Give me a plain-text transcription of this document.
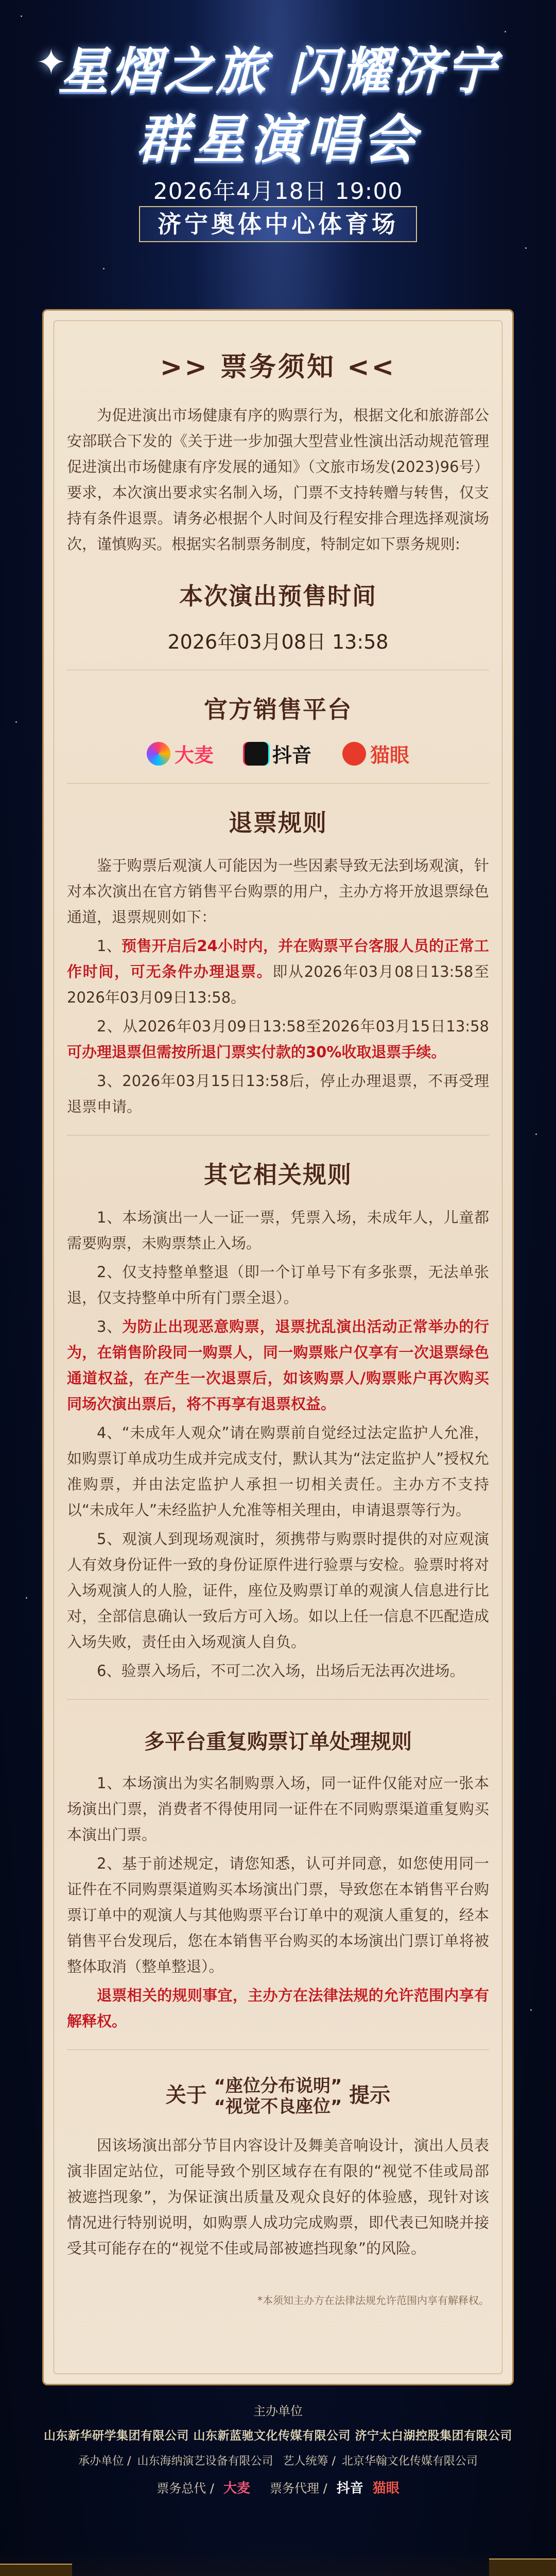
✦
星熠之旅 闪耀济宁
群星演唱会
2026年4月18日 19:00
济宁奥体中心体育场
>> 票务须知 <<
为促进演出市场健康有序的购票行为，根据文化和旅游部公安部联合下发的《关于进一步加强大型营业性演出活动规范管理促进演出市场健康有序发展的通知》（文旅市场发(2023)96号）要求，本次演出要求实名制入场，门票不支持转赠与转售，仅支持有条件退票。请务必根据个人时间及行程安排合理选择观演场次，谨慎购买。根据实名制票务制度，特制定如下票务规则:
本次演出预售时间
2026年03月08日 13:58
官方销售平台
大麦	抖音	猫眼
退票规则
鉴于购票后观演人可能因为一些因素导致无法到场观演，针对本次演出在官方销售平台购票的用户，主办方将开放退票绿色通道，退票规则如下：
1、预售开启后24小时内，并在购票平台客服人员的正常工作时间，可无条件办理退票。即从2026年03月08日13:58至2026年03月09日13:58。
2、从2026年03月09日13:58至2026年03月15日13:58可办理退票但需按所退门票实付款的30%收取退票手续。
3、2026年03月15日13:58后，停止办理退票，不再受理退票申请。
其它相关规则
1、本场演出一人一证一票，凭票入场，未成年人，儿童都需要购票，未购票禁止入场。
2、仅支持整单整退（即一个订单号下有多张票，无法单张退，仅支持整单中所有门票全退）。
3、为防止出现恶意购票，退票扰乱演出活动正常举办的行为，在销售阶段同一购票人，同一购票账户仅享有一次退票绿色通道权益，在产生一次退票后，如该购票人/购票账户再次购买同场次演出票后，将不再享有退票权益。
4、“未成年人观众”请在购票前自觉经过法定监护人允准，如购票订单成功生成并完成支付，默认其为“法定监护人”授权允准购票，并由法定监护人承担一切相关责任。主办方不支持以“未成年人”未经监护人允准等相关理由，申请退票等行为。
5、观演人到现场观演时，须携带与购票时提供的对应观演人有效身份证件一致的身份证原件进行验票与安检。验票时将对入场观演人的人脸，证件，座位及购票订单的观演人信息进行比对，全部信息确认一致后方可入场。如以上任一信息不匹配造成入场失败，责任由入场观演人自负。
6、验票入场后，不可二次入场，出场后无法再次进场。
多平台重复购票订单处理规则
1、本场演出为实名制购票入场，同一证件仅能对应一张本场演出门票，消费者不得使用同一证件在不同购票渠道重复购买本演出门票。
2、基于前述规定，请您知悉，认可并同意，如您使用同一证件在不同购票渠道购买本场演出门票，导致您在本销售平台购票订单中的观演人与其他购票平台订单中的观演人重复的，经本销售平台发现后，您在本销售平台购买的本场演出门票订单将被整体取消（整单整退）。
退票相关的规则事宜，主办方在法律法规的允许范围内享有解释权。
关于 “座位分布说明”
“视觉不良座位” 提示
因该场演出部分节目内容设计及舞美音响设计，演出人员表演非固定站位，可能导致个别区域存在有限的“视觉不佳或局部被遮挡现象”，为保证演出质量及观众良好的体验感，现针对该情况进行特别说明，如购票人成功完成购票，即代表已知晓并接受其可能存在的“视觉不佳或局部被遮挡现象”的风险。
*本须知主办方在法律法规允许范围内享有解释权。
主办单位
山东新华研学集团有限公司 山东新蓝驰文化传媒有限公司 济宁太白湖控股集团有限公司
承办单位 / 山东海纳演艺设备有限公司 艺人统筹 / 北京华翰文化传媒有限公司
票务总代 / 大麦 票务代理 / 抖音 猫眼
